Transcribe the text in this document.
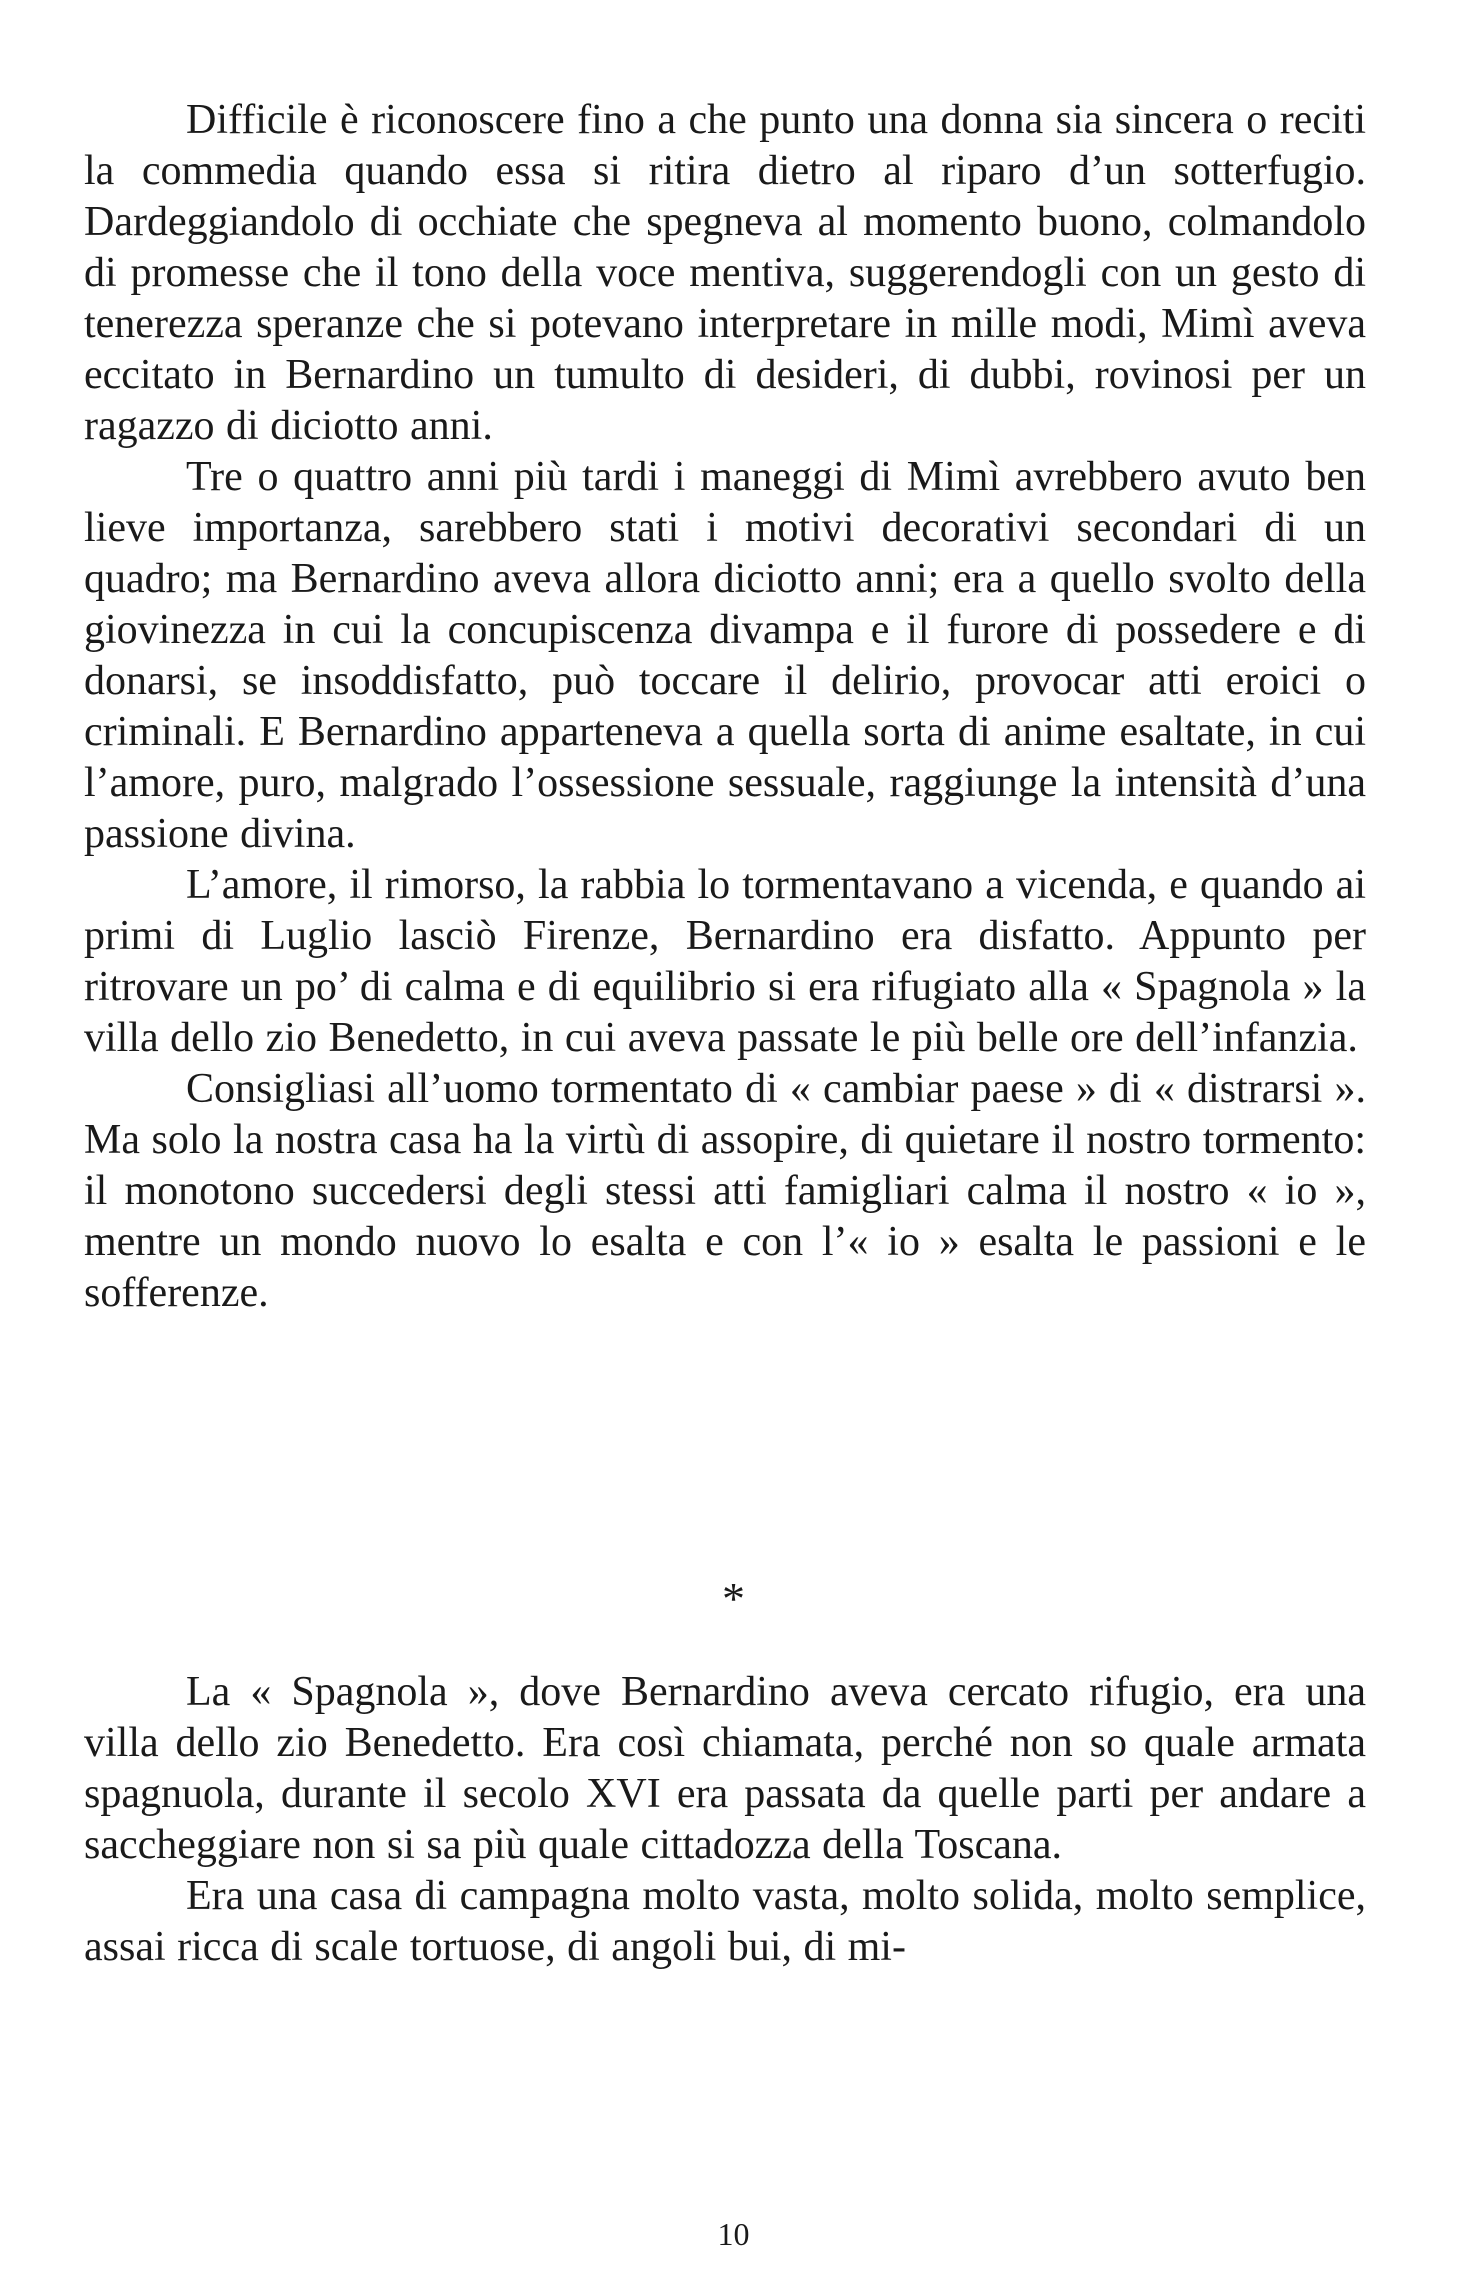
Difficile è riconoscere fino a che punto una donna sia sincera o reciti la commedia quando essa si ritira dietro al riparo d’un sotterfugio. Dardeggiandolo di occhiate che spegneva al momento buono, colmandolo di promesse che il tono della voce mentiva, suggerendogli con un gesto di tenerezza speranze che si potevano interpretare in mille modi, Mimì aveva eccitato in Bernardino un tumulto di desideri, di dubbi, rovinosi per un ragazzo di diciotto anni.

Tre o quattro anni più tardi i maneggi di Mimì avrebbero avuto ben lieve importanza, sarebbero stati i motivi decorativi secondari di un quadro; ma Bernardino aveva allora diciotto anni; era a quello svolto della giovinezza in cui la concupiscenza divampa e il furore di possedere e di donarsi, se insoddisfatto, può toccare il delirio, provocar atti eroici o criminali. E Bernardino apparteneva a quella sorta di anime esaltate, in cui l’amore, puro, malgrado l’ossessione sessuale, raggiunge la intensità d’una passione divina.

L’amore, il rimorso, la rabbia lo tormentavano a vicenda, e quando ai primi di Luglio lasciò Firenze, Bernardino era disfatto. Appunto per ritrovare un po’ di calma e di equilibrio si era rifugiato alla « Spagnola » la villa dello zio Benedetto, in cui aveva passate le più belle ore dell’infanzia.

Consigliasi all’uomo tormentato di « cambiar paese » di « distrarsi ». Ma solo la nostra casa ha la virtù di assopire, di quietare il nostro tormento: il monotono succedersi degli stessi atti famigliari calma il nostro « io », mentre un mondo nuovo lo esalta e con l’« io » esalta le passioni e le sofferenze.

*

La « Spagnola », dove Bernardino aveva cercato rifugio, era una villa dello zio Benedetto. Era così chiamata, perché non so quale armata spagnuola, durante il secolo XVI era passata da quelle parti per andare a saccheggiare non si sa più quale cittadozza della Toscana.

Era una casa di campagna molto vasta, molto solida, molto semplice, assai ricca di scale tortuose, di angoli bui, di mi-

10
